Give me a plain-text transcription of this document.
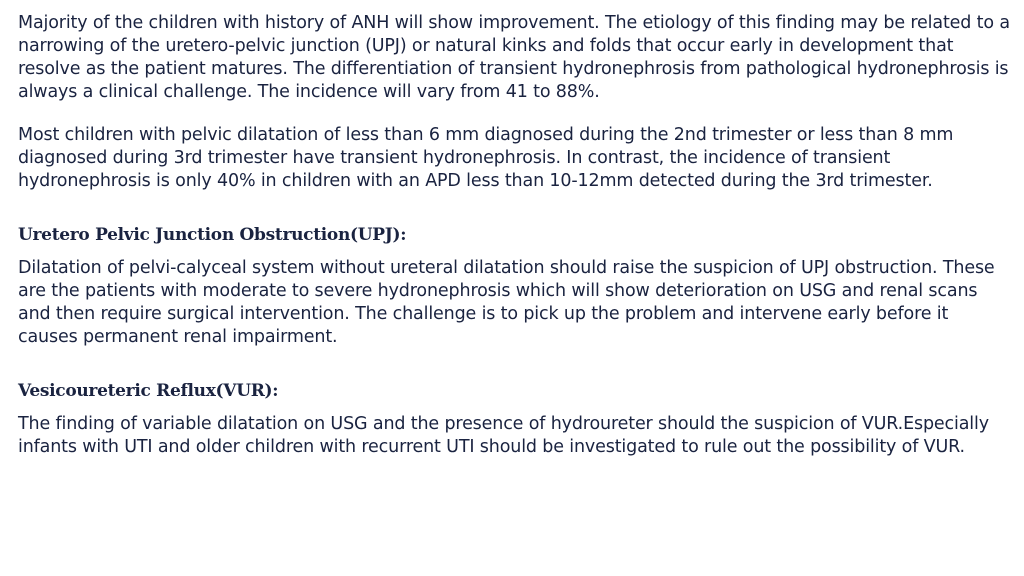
Majority of the children with history of ANH will show improvement. The etiology of this finding may be related to a narrowing of the uretero-pelvic junction (UPJ) or natural kinks and folds that occur early in development that resolve as the patient matures. The differentiation of transient hydronephrosis from pathological hydronephrosis is always a clinical challenge. The incidence will vary from 41 to 88%.

Most children with pelvic dilatation of less than 6 mm diagnosed during the 2nd trimester or less than 8 mm diagnosed during 3rd trimester have transient hydronephrosis. In contrast, the incidence of transient hydronephrosis is only 40% in children with an APD less than 10-12mm detected during the 3rd trimester.

Uretero Pelvic Junction Obstruction(UPJ):

Dilatation of pelvi-calyceal system without ureteral dilatation should raise the suspicion of UPJ obstruction. These are the patients with moderate to severe hydronephrosis which will show deterioration on USG and renal scans and then require surgical intervention. The challenge is to pick up the problem and intervene early before it causes permanent renal impairment.

Vesicoureteric Reflux(VUR):

The finding of variable dilatation on USG and the presence of hydroureter should the suspicion of VUR.Especially infants with UTI and older children with recurrent UTI should be investigated to rule out the possibility of VUR.
